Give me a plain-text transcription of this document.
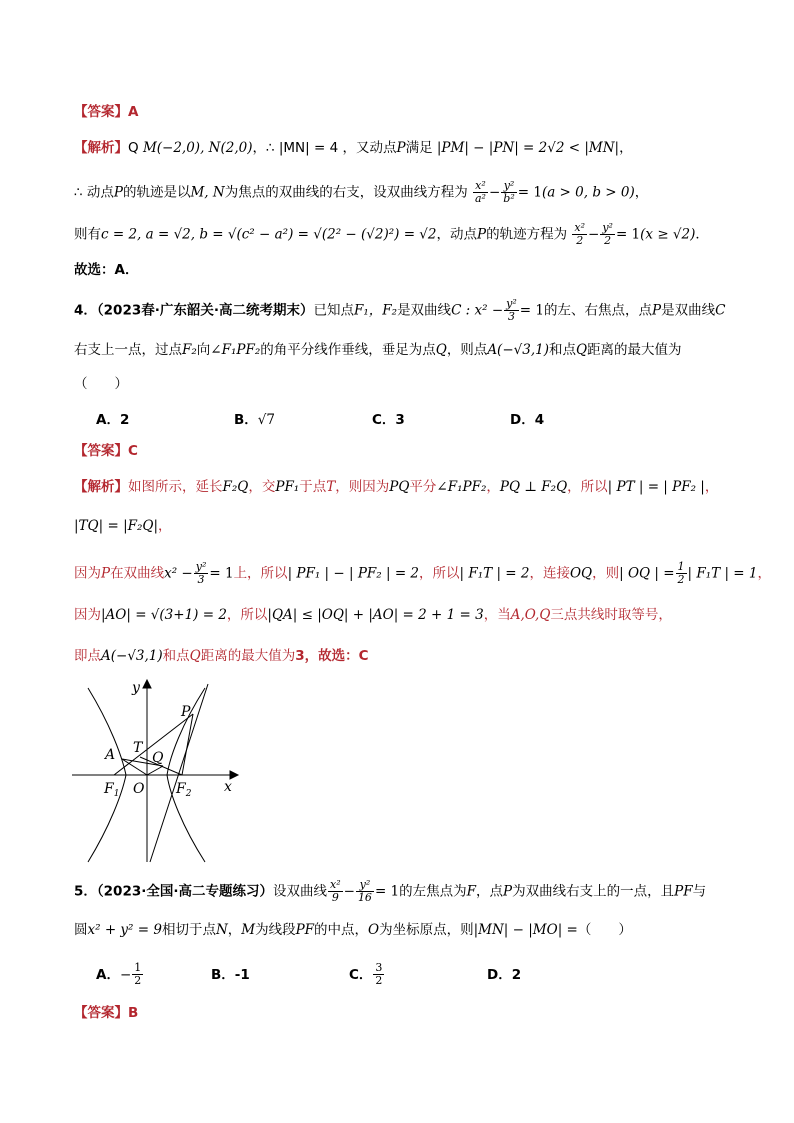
【答案】A
【解析】Q M(−2,0), N(2,0)，∴ |MN| = 4 ，又动点P满足 |PM| − |PN| = 2√2 < |MN|，
∴ 动点P的轨迹是以M, N为焦点的双曲线的右支，设双曲线方程为 $\frac{\text{x²}}{\text{a²}} - \frac{\text{y²}}{\text{b²}} = 1(a > 0$, b > 0)，
则有c = 2, a = √2, b = √(c² − a²) = √(2² − (√2)²) = √2，动点P的轨迹方程为 $\frac{\text{x²}}{2} - \frac{\text{y²}}{2} = 1(x \ge √2)$．
故选：A．
4．（2023春·广东韶关·高二统考期末）已知点F₁，F₂是双曲线C : $x^2 - \frac{\text{y²}}{3} = 1$的左、右焦点，点P是双曲线C
右支上一点，过点F₂向∠F₁PF₂的角平分线作垂线，垂足为点Q，则点A(−√3,1)和点Q距离的最大值为
（　　）
A．2	B．√7	C．3	D．4
【答案】C
【解析】如图所示，延长F₂Q，交PF₁于点T，则因为PQ平分∠F₁PF₂，PQ ⊥ F₂Q，所以| PT | = | PF₂ |，
|TQ| = |F₂Q|，
因为P在双曲线$x^2 - \frac{\text{y²}}{3} = 1$上，所以| PF₁ | − | PF₂ | = 2，所以| F₁T | = 2，连接OQ，则| OQ | = $\frac{1}{2}$ | F₁T | = 1，
因为|AO| = √(3+1) = 2，所以|QA| ≤ |OQ| + |AO| = 2 + 1 = 3，当A,O,Q三点共线时取等号，
即点A(−√3,1)和点Q距离的最大值为3，故选：C
y
x
P
A T
Q
$F_1$ O $F_2$
5．（2023·全国·高二专题练习）设双曲线 $\frac{\text{x²}}{9} - \frac{\text{y²}}{16} = 1$的左焦点为F，点P为双曲线右支上的一点，且PF与
圆x² + y² = 9相切于点N，M为线段PF的中点，O为坐标原点，则|MN| − |MO| =（　　）
A．− $\frac{1}{2}$	B．-1	C． $\frac{3}{2}$	D．2
【答案】B
